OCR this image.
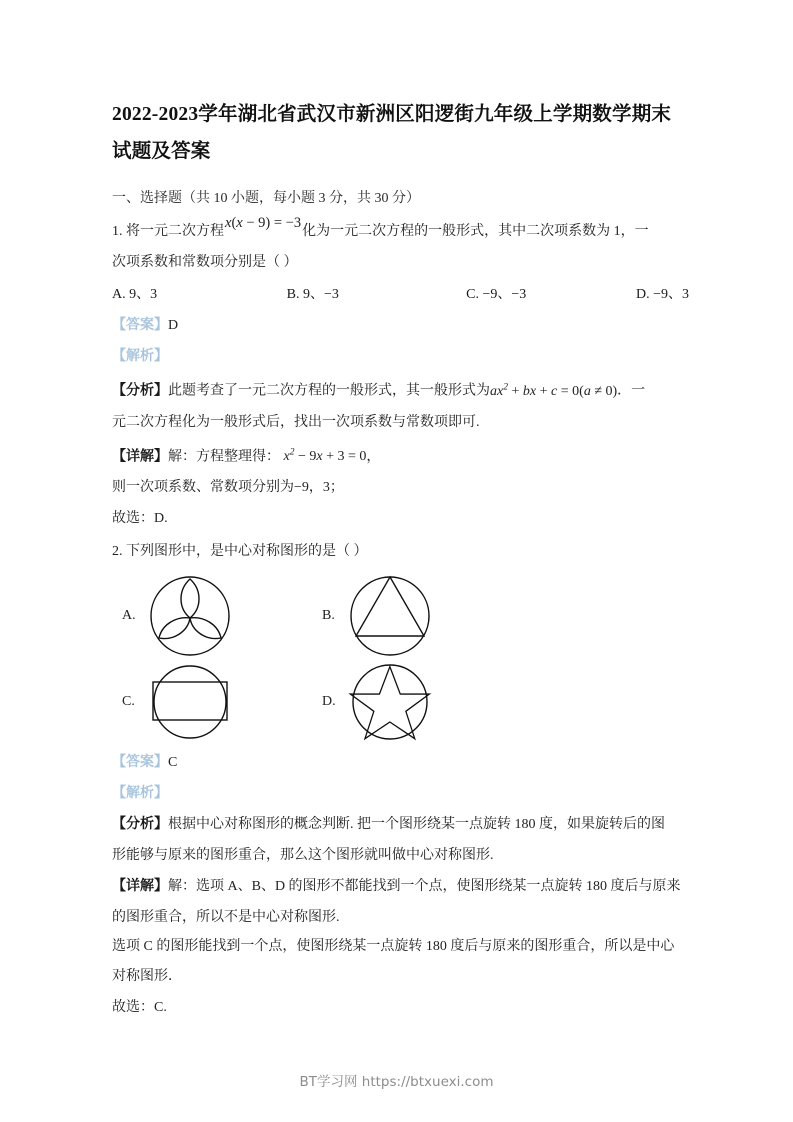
2022-2023学年湖北省武汉市新洲区阳逻街九年级上学期数学期末试题及答案

一、选择题（共 10 小题，每小题 3 分，共 30 分）

1. 将一元二次方程x(x − 9) = −3化为一元二次方程的一般形式，其中二次项系数为 1，一

次项系数和常数项分别是（ ）

A. 9、3	B. 9、−3	C. −9、−3	D. −9、3

【答案】D

【解析】

【分析】此题考查了一元二次方程的一般形式，其一般形式为$ax^2$ + bx + c = 0(a ≠ 0)．一

元二次方程化为一般形式后，找出一次项系数与常数项即可.

【详解】解：方程整理得： $x^2 - 9x + 3 = 0$，

则一次项系数、常数项分别为−9，3；

故选：D.

2. 下列图形中，是中心对称图形的是（ ）

A.	B.
C.	D.

【答案】C

【解析】

【分析】根据中心对称图形的概念判断. 把一个图形绕某一点旋转 180 度，如果旋转后的图

形能够与原来的图形重合，那么这个图形就叫做中心对称图形.

【详解】解：选项 A、B、D 的图形不都能找到一个点，使图形绕某一点旋转 180 度后与原来

的图形重合，所以不是中心对称图形.

选项 C 的图形能找到一个点，使图形绕某一点旋转 180 度后与原来的图形重合，所以是中心

对称图形．

故选：C.

BT学习网 https://btxuexi.com
